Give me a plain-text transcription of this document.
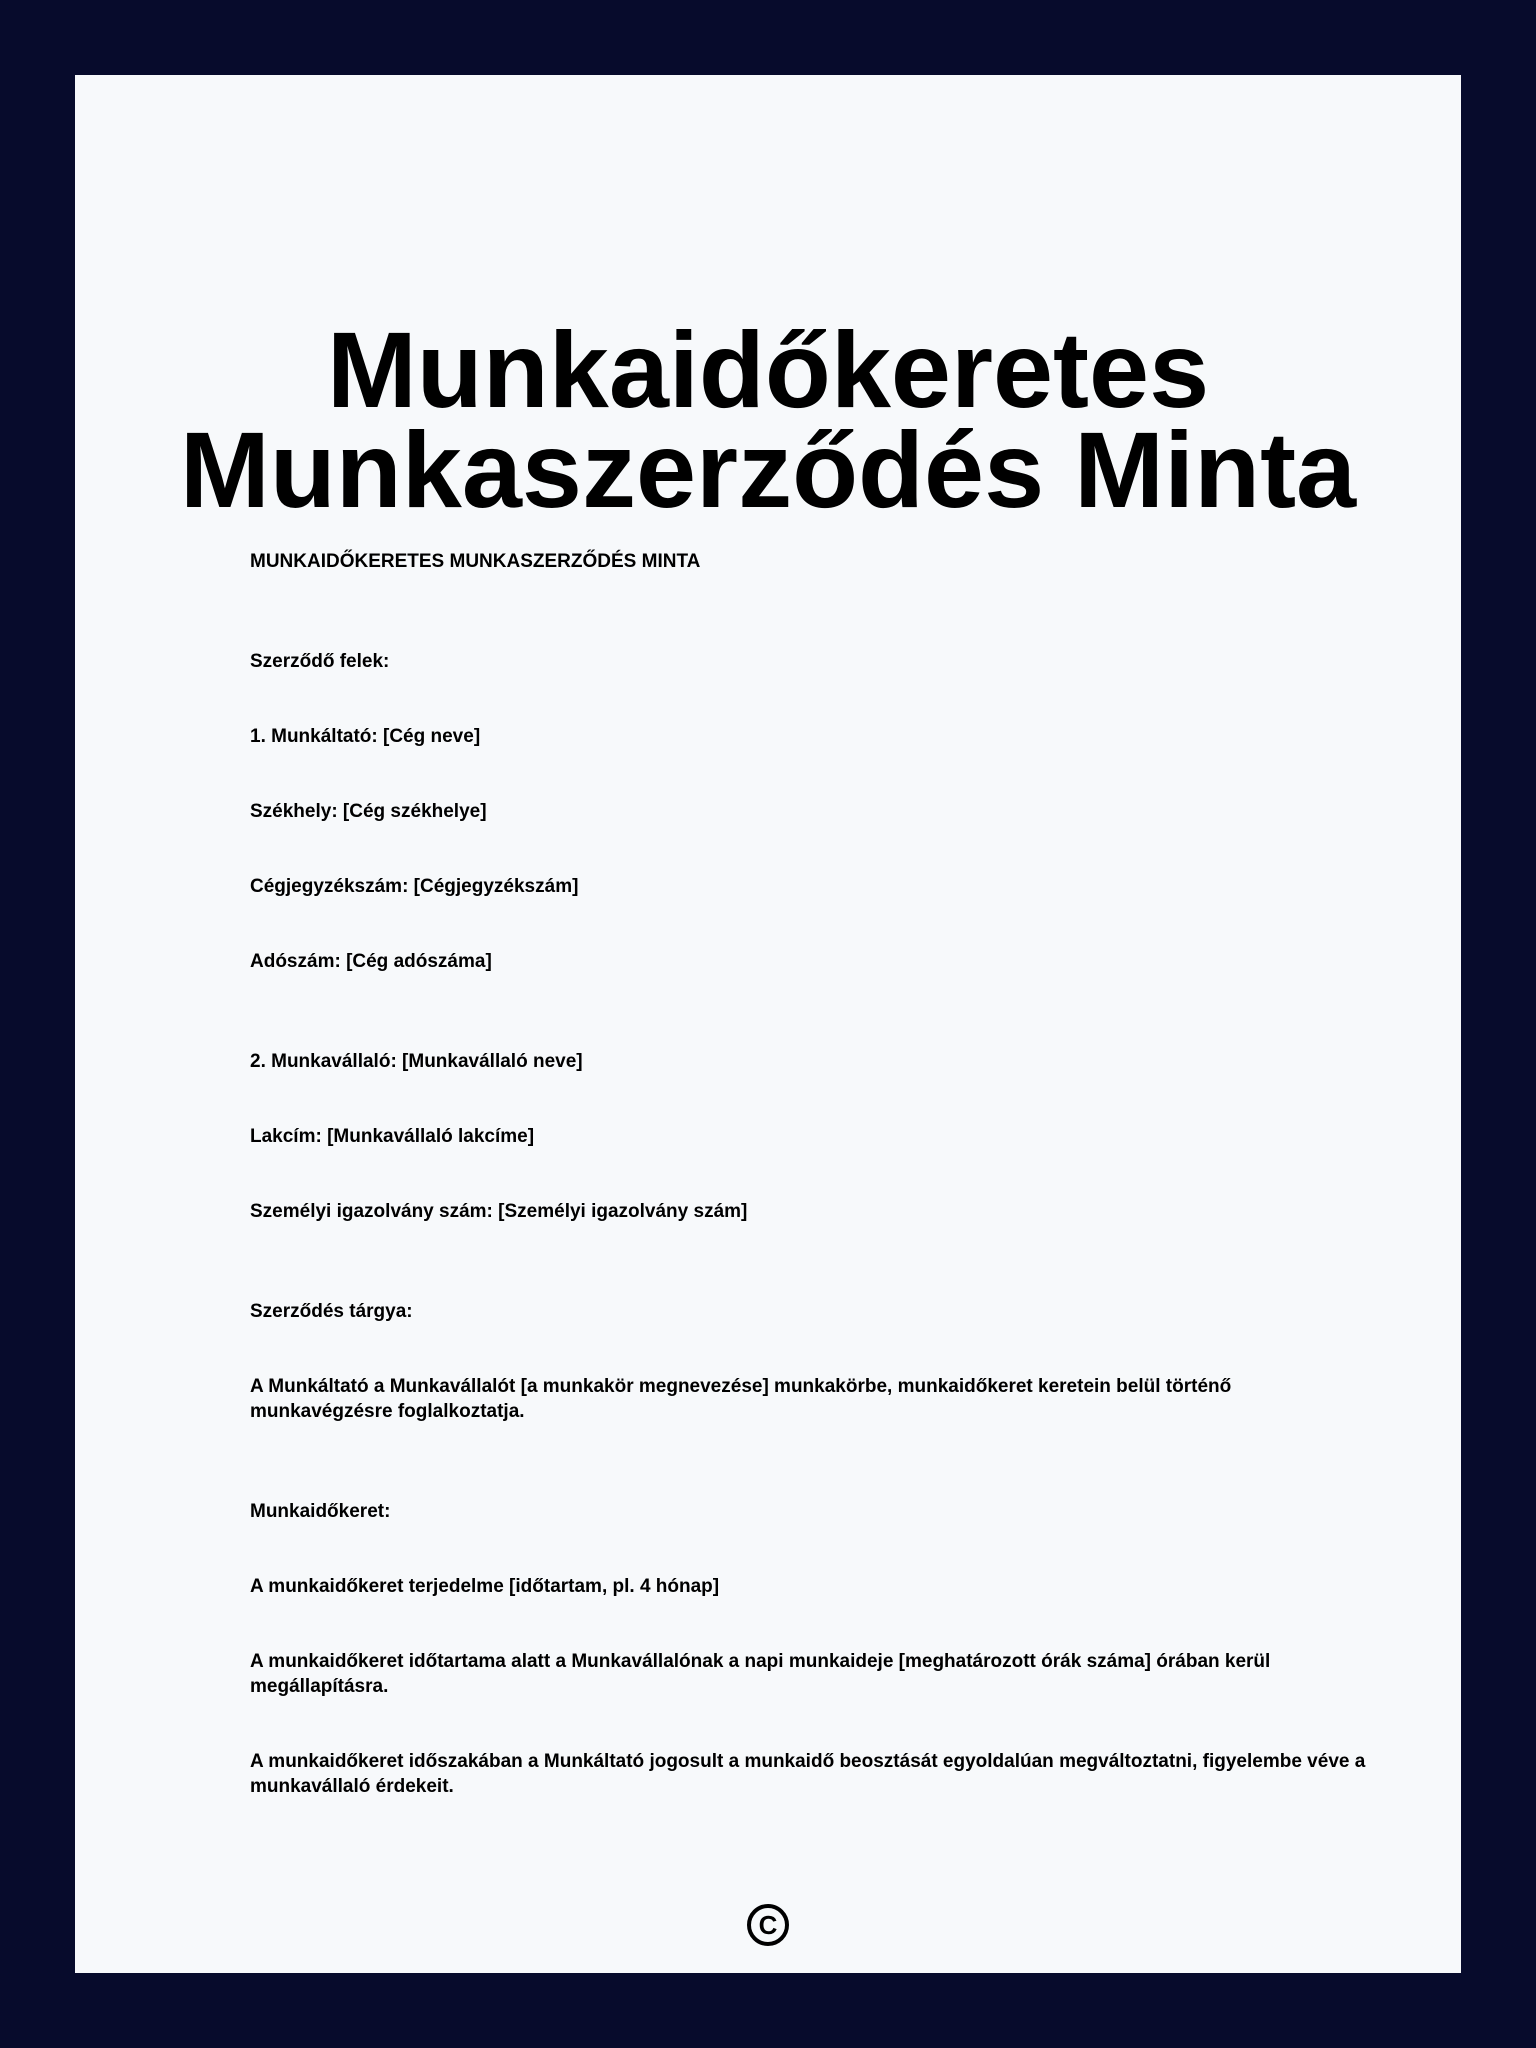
Munkaidőkeretes
Munkaszerződés Minta

MUNKAIDŐKERETES MUNKASZERZŐDÉS MINTA

Szerződő felek:

1. Munkáltató: [Cég neve]

Székhely: [Cég székhelye]

Cégjegyzékszám: [Cégjegyzékszám]

Adószám: [Cég adószáma]

2. Munkavállaló: [Munkavállaló neve]

Lakcím: [Munkavállaló lakcíme]

Személyi igazolvány szám: [Személyi igazolvány szám]

Szerződés tárgya:

A Munkáltató a Munkavállalót [a munkakör megnevezése] munkakörbe, munkaidőkeret keretein belül történő munkavégzésre foglalkoztatja.

Munkaidőkeret:

A munkaidőkeret terjedelme [időtartam, pl. 4 hónap]

A munkaidőkeret időtartama alatt a Munkavállalónak a napi munkaideje [meghatározott órák száma] órában kerül megállapításra.

A munkaidőkeret időszakában a Munkáltató jogosult a munkaidő beosztását egyoldalúan megváltoztatni, figyelembe véve a munkavállaló érdekeit.

C
